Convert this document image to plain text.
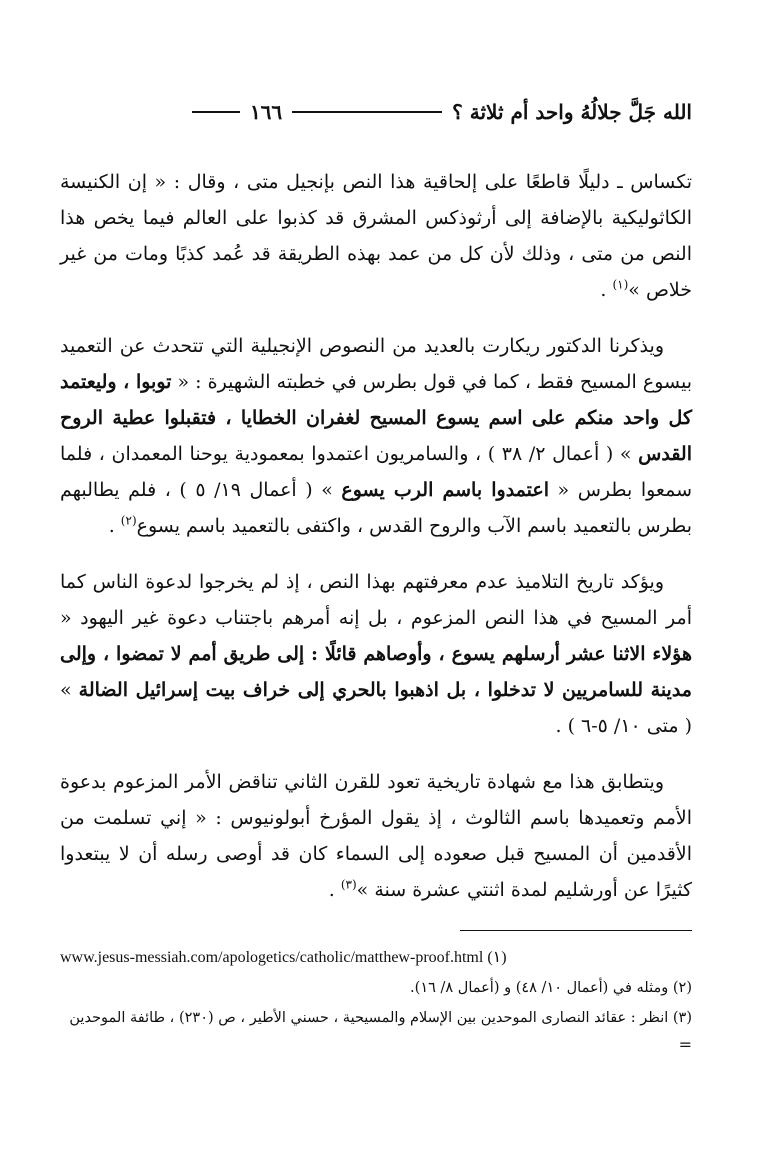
الله جَلَّ جلالُهُ واحد أم ثلاثة ؟
١٦٦

تكساس ـ دليلًا قاطعًا على إلحاقية هذا النص بإنجيل متى ، وقال : « إن الكنيسة الكاثوليكية بالإضافة إلى أرثوذكس المشرق قد كذبوا على العالم فيما يخص هذا النص من متى ، وذلك لأن كل من عمد بهذه الطريقة قد عُمد كذبًا ومات من غير خلاص »$^{(١)}$ .

ويذكرنا الدكتور ريكارت بالعديد من النصوص الإنجيلية التي تتحدث عن التعميد بيسوع المسيح فقط ، كما في قول بطرس في خطبته الشهيرة : « توبوا ، وليعتمد كل واحد منكم على اسم يسوع المسيح لغفران الخطايا ، فتقبلوا عطية الروح القدس » ( أعمال ٢/ ٣٨ ) ، والسامريون اعتمدوا بمعمودية يوحنا المعمدان ، فلما سمعوا بطرس « اعتمدوا باسم الرب يسوع » ( أعمال ١٩/ ٥ ) ، فلم يطالبهم بطرس بالتعميد باسم الآب والروح القدس ، واكتفى بالتعميد باسم يسوع$^{(٢)}$ .

ويؤكد تاريخ التلاميذ عدم معرفتهم بهذا النص ، إذ لم يخرجوا لدعوة الناس كما أمر المسيح في هذا النص المزعوم ، بل إنه أمرهم باجتناب دعوة غير اليهود « هؤلاء الاثنا عشر أرسلهم يسوع ، وأوصاهم قائلًا : إلى طريق أمم لا تمضوا ، وإلى مدينة للسامريين لا تدخلوا ، بل اذهبوا بالحري إلى خراف بيت إسرائيل الضالة » ( متى ١٠/ ٥-٦ ) .

ويتطابق هذا مع شهادة تاريخية تعود للقرن الثاني تناقض الأمر المزعوم بدعوة الأمم وتعميدها باسم الثالوث ، إذ يقول المؤرخ أبولونيوس : « إني تسلمت من الأقدمين أن المسيح قبل صعوده إلى السماء كان قد أوصى رسله أن لا يبتعدوا كثيرًا عن أورشليم لمدة اثنتي عشرة سنة »$^{(٣)}$ .

www.jesus-messiah.com/apologetics/catholic/matthew-proof.html (١)
(٢) ومثله في (أعمال ١٠/ ٤٨) و (أعمال ٨/ ١٦).
(٣) انظر : عقائد النصارى الموحدين بين الإسلام والمسيحية ، حسني الأطير ، ص (٢٣٠) ، طائفة الموحدين
=
